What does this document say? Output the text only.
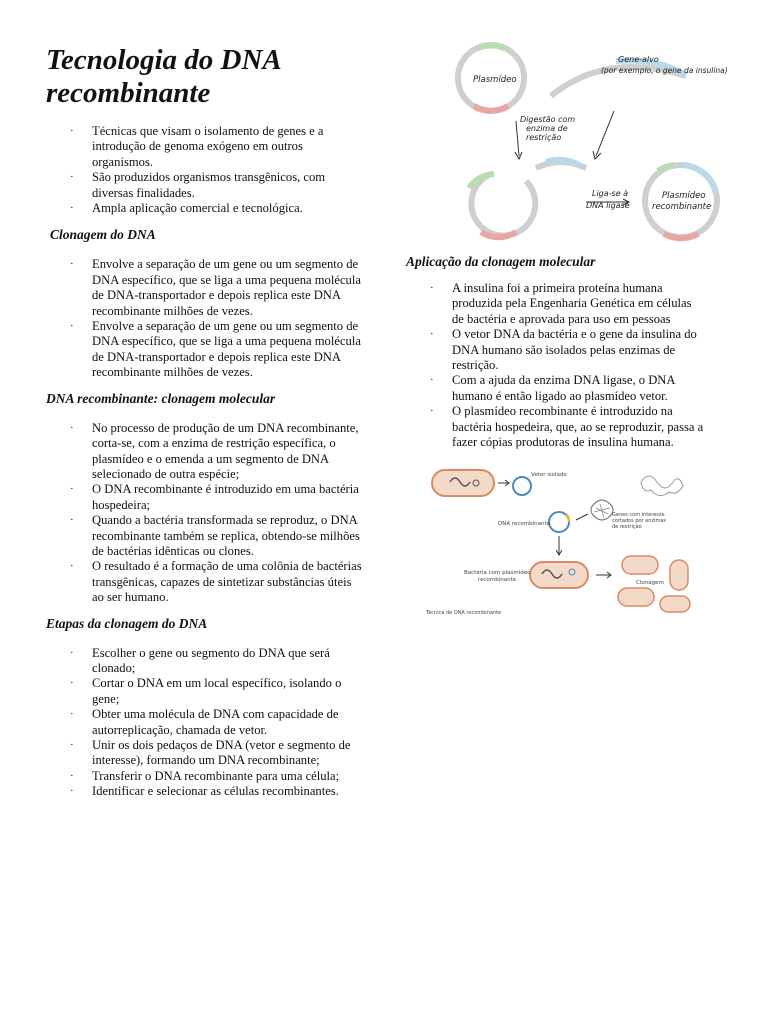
Tecnologia do DNA recombinante
· Técnicas que visam o isolamento de genes e a introdução de genoma exógeno em outros organismos.
· São produzidos organismos transgênicos, com diversas finalidades.
· Ampla aplicação comercial e tecnológica.
Clonagem do DNA
· Envolve a separação de um gene ou um segmento de DNA específico, que se liga a uma pequena molécula de DNA-transportador e depois replica este DNA recombinante milhões de vezes.
· Envolve a separação de um gene ou um segmento de DNA específico, que se liga a uma pequena molécula de DNA-transportador e depois replica este DNA recombinante milhões de vezes.
DNA recombinante: clonagem molecular
· No processo de produção de um DNA recombinante, corta-se, com a enzima de restrição específica, o plasmídeo e o emenda a um segmento de DNA selecionado de outra espécie;
· O DNA recombinante é introduzido em uma bactéria hospedeira;
· Quando a bactéria transformada se reproduz, o DNA recombinante também se replica, obtendo-se milhões de bactérias idênticas ou clones.
· O resultado é a formação de uma colônia de bactérias transgênicas, capazes de sintetizar substâncias úteis ao ser humano.
Etapas da clonagem do DNA
· Escolher o gene ou segmento do DNA que será clonado;
· Cortar o DNA em um local específico, isolando o gene;
· Obter uma molécula de DNA com capacidade de autorreplicação, chamada de vetor.
· Unir os dois pedaços de DNA (vetor e segmento de interesse), formando um DNA recombinante;
· Transferir o DNA recombinante para uma célula;
· Identificar e selecionar as células recombinantes.
Plasmídeo
Gene-alvo
(por exemplo, o gene da insulina)
Digestão com
enzima de
restrição
Liga-se à
DNA ligase
Plasmídeo
recombinante
Aplicação da clonagem molecular
· A insulina foi a primeira proteína humana produzida pela Engenharia Genética em células de bactéria e aprovada para uso em pessoas
· O vetor DNA da bactéria e o gene da insulina do DNA humano são isolados pelas enzimas de restrição.
· Com a ajuda da enzima DNA ligase, o DNA humano é então ligado ao plasmídeo vetor.
· O plasmídeo recombinante é introduzido na bactéria hospedeira, que, ao se reproduzir, passa a fazer cópias produtoras de insulina humana.
Vetor isolado
Genes com interesse
cortados por enzimas
de restrição
DNA recombinante
Bactéria com plasmídeo
recombinante	Clonagem
Técnica de DNA recombinante
